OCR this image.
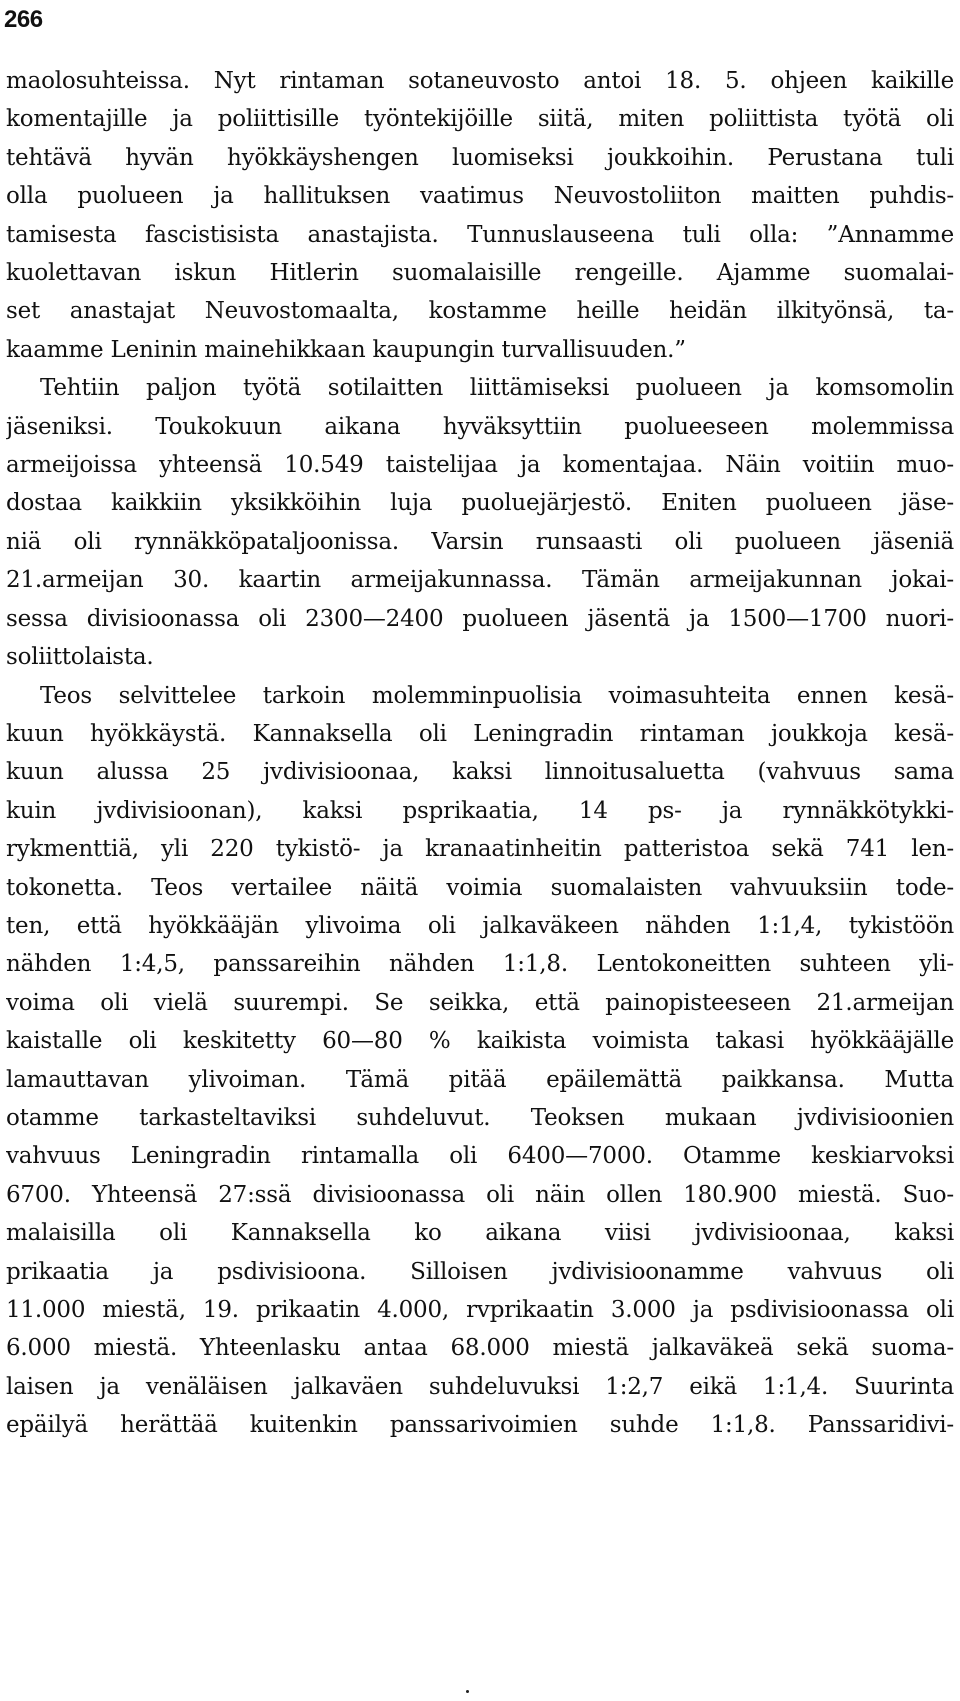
266
maolosuhteissa. Nyt rintaman sotaneuvosto antoi 18. 5. ohjeen kaikille
komentajille ja poliittisille työntekijöille siitä, miten poliittista työtä oli
tehtävä hyvän hyökkäyshengen luomiseksi joukkoihin. Perustana tuli
olla puolueen ja hallituksen vaatimus Neuvostoliiton maitten puhdis-
tamisesta fascistisista anastajista. Tunnuslauseena tuli olla: ”Annamme
kuolettavan iskun Hitlerin suomalaisille rengeille. Ajamme suomalai-
set anastajat Neuvostomaalta, kostamme heille heidän ilkityönsä, ta-
kaamme Leninin mainehikkaan kaupungin turvallisuuden.”
Tehtiin paljon työtä sotilaitten liittämiseksi puolueen ja komsomolin
jäseniksi. Toukokuun aikana hyväksyttiin puolueeseen molemmissa
armeijoissa yhteensä 10.549 taistelijaa ja komentajaa. Näin voitiin muo-
dostaa kaikkiin yksikköihin luja puoluejärjestö. Eniten puolueen jäse-
niä oli rynnäkköpataljoonissa. Varsin runsaasti oli puolueen jäseniä
21.armeijan 30. kaartin armeijakunnassa. Tämän armeijakunnan jokai-
sessa divisioonassa oli 2300—2400 puolueen jäsentä ja 1500—1700 nuori-
soliittolaista.
Teos selvittelee tarkoin molemminpuolisia voimasuhteita ennen kesä-
kuun hyökkäystä. Kannaksella oli Leningradin rintaman joukkoja kesä-
kuun alussa 25 jvdivisioonaa, kaksi linnoitusaluetta (vahvuus sama
kuin jvdivisioonan), kaksi psprikaatia, 14 ps- ja rynnäkkötykki-
rykmenttiä, yli 220 tykistö- ja kranaatinheitin patteristoa sekä 741 len-
tokonetta. Teos vertailee näitä voimia suomalaisten vahvuuksiin tode-
ten, että hyökkääjän ylivoima oli jalkaväkeen nähden 1:1,4, tykistöön
nähden 1:4,5, panssareihin nähden 1:1,8. Lentokoneitten suhteen yli-
voima oli vielä suurempi. Se seikka, että painopisteeseen 21.armeijan
kaistalle oli keskitetty 60—80 % kaikista voimista takasi hyökkääjälle
lamauttavan ylivoiman. Tämä pitää epäilemättä paikkansa. Mutta
otamme tarkasteltaviksi suhdeluvut. Teoksen mukaan jvdivisioonien
vahvuus Leningradin rintamalla oli 6400—7000. Otamme keskiarvoksi
6700. Yhteensä 27:ssä divisioonassa oli näin ollen 180.900 miestä. Suo-
malaisilla oli Kannaksella ko aikana viisi jvdivisioonaa, kaksi
prikaatia ja psdivisioona. Silloisen jvdivisioonamme vahvuus oli
11.000 miestä, 19. prikaatin 4.000, rvprikaatin 3.000 ja psdivisioonassa oli
6.000 miestä. Yhteenlasku antaa 68.000 miestä jalkaväkeä sekä suoma-
laisen ja venäläisen jalkaväen suhdeluvuksi 1:2,7 eikä 1:1,4. Suurinta
epäilyä herättää kuitenkin panssarivoimien suhde 1:1,8. Panssaridivi-
